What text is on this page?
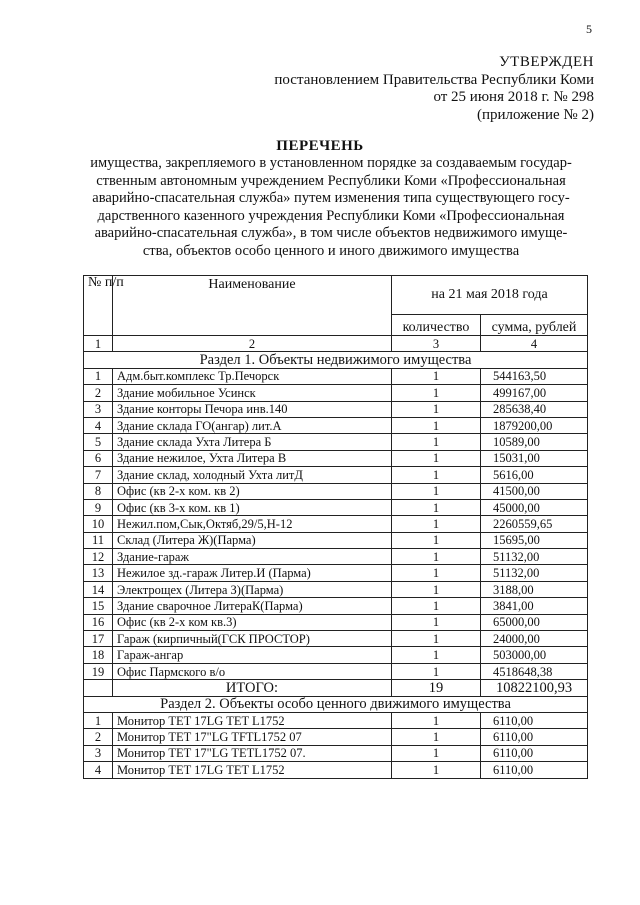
5
УТВЕРЖДЕН
постановлением Правительства Республики Коми
от 25 июня 2018 г. № 298
(приложение № 2)
ПЕРЕЧЕНЬ
имущества, закрепляемого в установленном порядке за создаваемым государ-
ственным автономным учреждением Республики Коми «Профессиональная
аварийно-спасательная служба» путем изменения типа существующего госу-
дарственного казенного учреждения Республики Коми «Профессиональная
аварийно-спасательная служба», в том числе объектов недвижимого имуще-
ства, объектов особо ценного и иного движимого имущества
№ п/п	Наименование	на 21 мая 2018 года	
		количество	сумма, рублей
1	2	3	4
Раздел 1. Объекты недвижимого имущества			
1	Адм.быт.комплекс Тр.Печорск	1	544163,50
2	Здание мобильное Усинск	1	499167,00
3	Здание конторы Печора инв.140	1	285638,40
4	Здание склада ГО(ангар) лит.А	1	1879200,00
5	Здание склада Ухта Литера Б	1	10589,00
6	Здание нежилое, Ухта Литера В	1	15031,00
7	Здание склад, холодный Ухта литД	1	5616,00
8	Офис (кв 2-х ком. кв 2)	1	41500,00
9	Офис (кв 3-х ком. кв 1)	1	45000,00
10	Нежил.пом,Сык,Октяб,29/5,Н-12	1	2260559,65
11	Склад (Литера Ж)(Парма)	1	15695,00
12	Здание-гараж	1	51132,00
13	Нежилое зд.-гараж Литер.И (Парма)	1	51132,00
14	Электрощех (Литера З)(Парма)	1	3188,00
15	Здание сварочное ЛитераК(Парма)	1	3841,00
16	Офис (кв 2-х ком кв.3)	1	65000,00
17	Гараж (кирпичный(ГСК ПРОСТОР)	1	24000,00
18	Гараж-ангар	1	503000,00
19	Офис Пармского в/о	1	4518648,38
	ИТОГО:	19	10822100,93
Раздел 2. Объекты особо ценного движимого имущества			
1	Монитор TET 17LG TET L1752	1	6110,00
2	Монитор TET 17"LG TFTL1752 07	1	6110,00
3	Монитор TET 17"LG TETL1752 07.	1	6110,00
4	Монитор TET 17LG TET L1752	1	6110,00
